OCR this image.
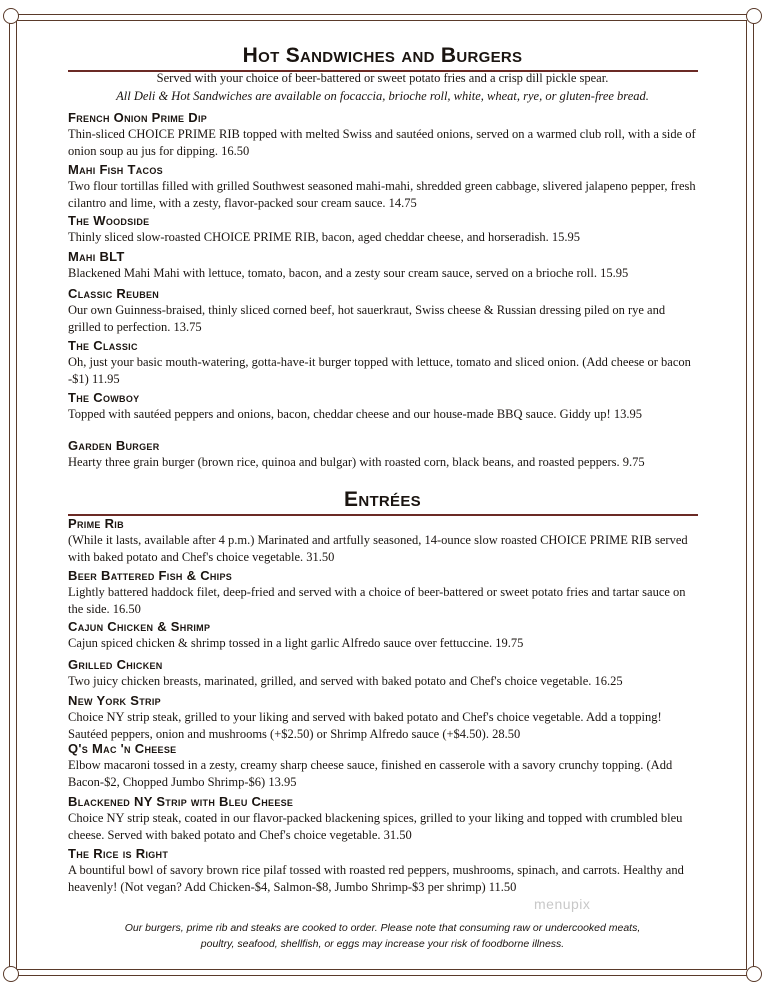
Hot Sandwiches and Burgers
Served with your choice of beer-battered or sweet potato fries and a crisp dill pickle spear.
All Deli & Hot Sandwiches are available on focaccia, brioche roll, white, wheat, rye, or gluten-free bread.
French Onion Prime Dip
Thin-sliced CHOICE PRIME RIB topped with melted Swiss and sautéed onions, served on a warmed club roll, with a side of onion soup au jus for dipping. 16.50
Mahi Fish Tacos
Two flour tortillas filled with grilled Southwest seasoned mahi-mahi, shredded green cabbage, slivered jalapeno pepper, fresh cilantro and lime, with a zesty, flavor-packed sour cream sauce. 14.75
The Woodside
Thinly sliced slow-roasted CHOICE PRIME RIB, bacon, aged cheddar cheese, and horseradish. 15.95
Mahi BLT
Blackened Mahi Mahi with lettuce, tomato, bacon, and a zesty sour cream sauce, served on a brioche roll. 15.95
Classic Reuben
Our own Guinness-braised, thinly sliced corned beef, hot sauerkraut, Swiss cheese & Russian dressing piled on rye and grilled to perfection. 13.75
The Classic
Oh, just your basic mouth-watering, gotta-have-it burger topped with lettuce, tomato and sliced onion. (Add cheese or bacon -$1) 11.95
The Cowboy
Topped with sautéed peppers and onions, bacon, cheddar cheese and our house-made BBQ sauce. Giddy up! 13.95
Garden Burger
Hearty three grain burger (brown rice, quinoa and bulgar) with roasted corn, black beans, and roasted peppers. 9.75
Entrées
Prime Rib
(While it lasts, available after 4 p.m.) Marinated and artfully seasoned, 14-ounce slow roasted CHOICE PRIME RIB served with baked potato and Chef's choice vegetable. 31.50
Beer Battered Fish & Chips
Lightly battered haddock filet, deep-fried and served with a choice of beer-battered or sweet potato fries and tartar sauce on the side. 16.50
Cajun Chicken & Shrimp
Cajun spiced chicken & shrimp tossed in a light garlic Alfredo sauce over fettuccine. 19.75
Grilled Chicken
Two juicy chicken breasts, marinated, grilled, and served with baked potato and Chef's choice vegetable. 16.25
New York Strip
Choice NY strip steak, grilled to your liking and served with baked potato and Chef's choice vegetable. Add a topping! Sautéed peppers, onion and mushrooms (+$2.50) or Shrimp Alfredo sauce (+$4.50). 28.50
Q's Mac 'n Cheese
Elbow macaroni tossed in a zesty, creamy sharp cheese sauce, finished en casserole with a savory crunchy topping. (Add Bacon-$2, Chopped Jumbo Shrimp-$6) 13.95
Blackened NY Strip with Bleu Cheese
Choice NY strip steak, coated in our flavor-packed blackening spices, grilled to your liking and topped with crumbled bleu cheese. Served with baked potato and Chef's choice vegetable. 31.50
The Rice is Right
A bountiful bowl of savory brown rice pilaf tossed with roasted red peppers, mushrooms, spinach, and carrots. Healthy and heavenly! (Not vegan? Add Chicken-$4, Salmon-$8, Jumbo Shrimp-$3 per shrimp) 11.50
Our burgers, prime rib and steaks are cooked to order. Please note that consuming raw or undercooked meats,
poultry, seafood, shellfish, or eggs may increase your risk of foodborne illness.
menupix
